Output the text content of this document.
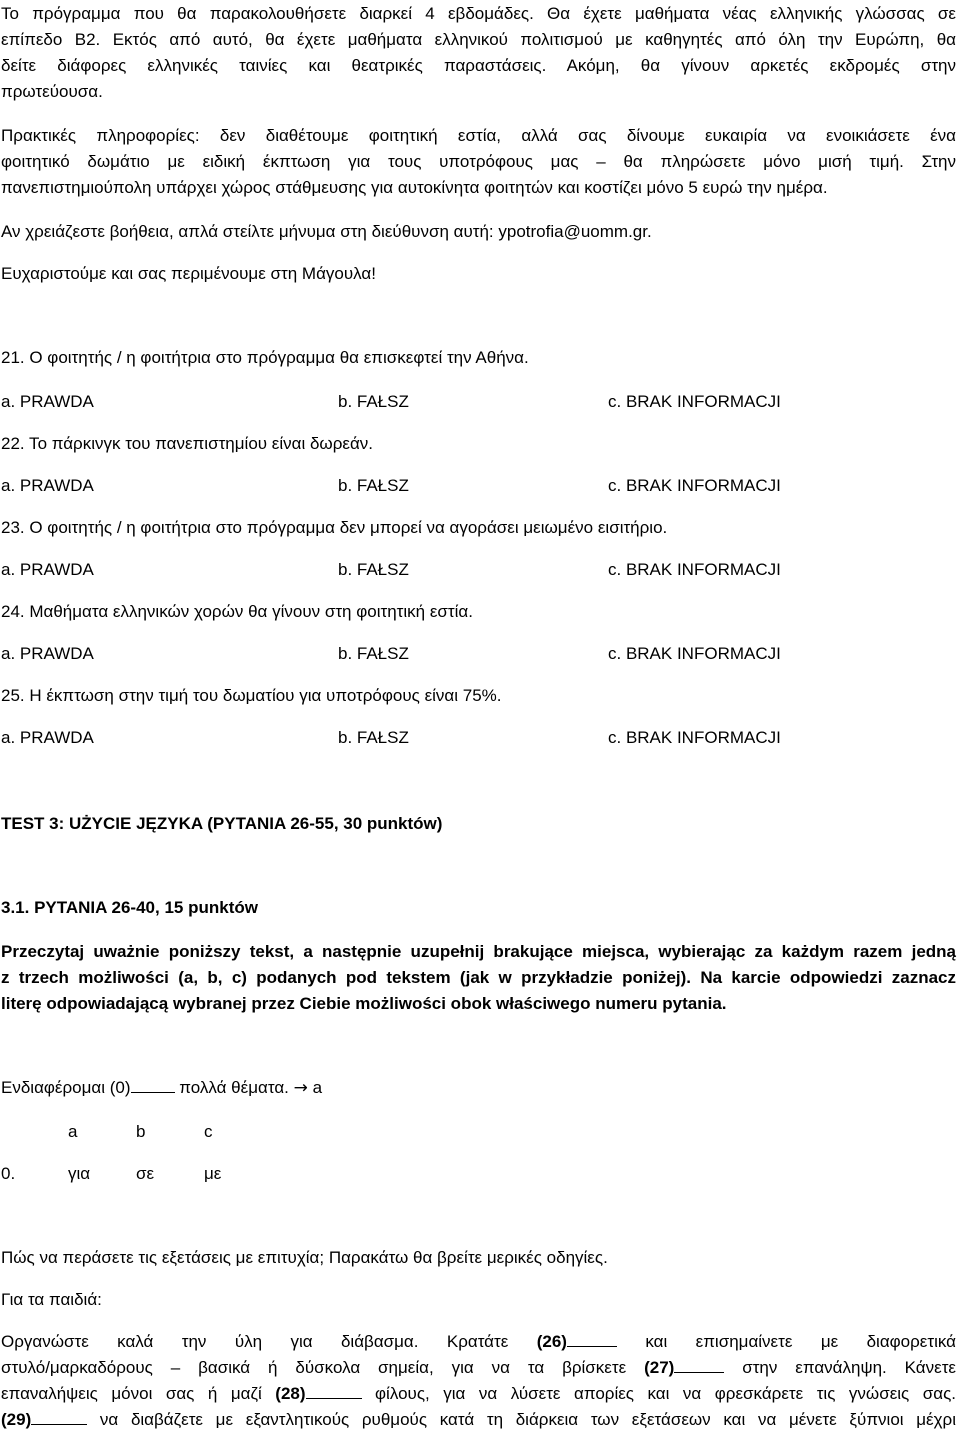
Το πρόγραμμα που θα παρακολουθήσετε διαρκεί 4 εβδομάδες. Θα έχετε μαθήματα νέας ελληνικής γλώσσας σε
επίπεδο Β2. Εκτός από αυτό, θα έχετε μαθήματα ελληνικού πολιτισμού με καθηγητές από όλη την Ευρώπη, θα
δείτε διάφορες ελληνικές ταινίες και θεατρικές παραστάσεις. Ακόμη, θα γίνουν αρκετές εκδρομές στην
πρωτεύουσα.
Πρακτικές πληροφορίες: δεν διαθέτουμε φοιτητική εστία, αλλά σας δίνουμε ευκαιρία να ενοικιάσετε ένα
φοιτητικό δωμάτιο με ειδική έκπτωση για τους υποτρόφους μας – θα πληρώσετε μόνο μισή τιμή. Στην
πανεπιστημιούπολη υπάρχει χώρος στάθμευσης για αυτοκίνητα φοιτητών και κοστίζει μόνο 5 ευρώ την ημέρα.
Αν χρειάζεστε βοήθεια, απλά στείλτε μήνυμα στη διεύθυνση αυτή: ypotrofia@uomm.gr.
Ευχαριστούμε και σας περιμένουμε στη Μάγουλα!
21. Ο φοιτητής / η φοιτήτρια στο πρόγραμμα θα επισκεφτεί την Αθήνα.
a. PRAWDA	b. FAŁSZ	c. BRAK INFORMACJI
22. Το πάρκινγκ του πανεπιστημίου είναι δωρεάν.
a. PRAWDA	b. FAŁSZ	c. BRAK INFORMACJI
23. Ο φοιτητής / η φοιτήτρια στο πρόγραμμα δεν μπορεί να αγοράσει μειωμένο εισιτήριο.
a. PRAWDA	b. FAŁSZ	c. BRAK INFORMACJI
24. Μαθήματα ελληνικών χορών θα γίνουν στη φοιτητική εστία.
a. PRAWDA	b. FAŁSZ	c. BRAK INFORMACJI
25. Η έκπτωση στην τιμή του δωματίου για υποτρόφους είναι 75%.
a. PRAWDA	b. FAŁSZ	c. BRAK INFORMACJI
TEST 3: UŻYCIE JĘZYKA (PYTANIA 26-55, 30 punktów)
3.1. PYTANIA 26-40, 15 punktów
Przeczytaj uważnie poniższy tekst, a następnie uzupełnij brakujące miejsca, wybierając za każdym razem jedną
z trzech możliwości (a, b, c) podanych pod tekstem (jak w przykładzie poniżej). Na karcie odpowiedzi zaznacz
literę odpowiadającą wybranej przez Ciebie możliwości obok właściwego numeru pytania.
Ενδιαφέρομαι (0)	πολλά θέματα. → a
a	b	c
0.	για	σε	με
Πώς να περάσετε τις εξετάσεις με επιτυχία; Παρακάτω θα βρείτε μερικές οδηγίες.
Για τα παιδιά:
Οργανώστε καλά την ύλη για διάβασμα. Κρατάτε (26)	και επισημαίνετε με διαφορετικά
στυλό/μαρκαδόρους – βασικά ή δύσκολα σημεία, για να τα βρίσκετε (27)	στην επανάληψη. Κάνετε
επαναλήψεις μόνοι σας ή μαζί (28)	φίλους, για να λύσετε απορίες και να φρεσκάρετε τις γνώσεις σας.
(29)	να διαβάζετε με εξαντλητικούς ρυθμούς κατά τη διάρκεια των εξετάσεων και να μένετε ξύπνιοι μέχρι
